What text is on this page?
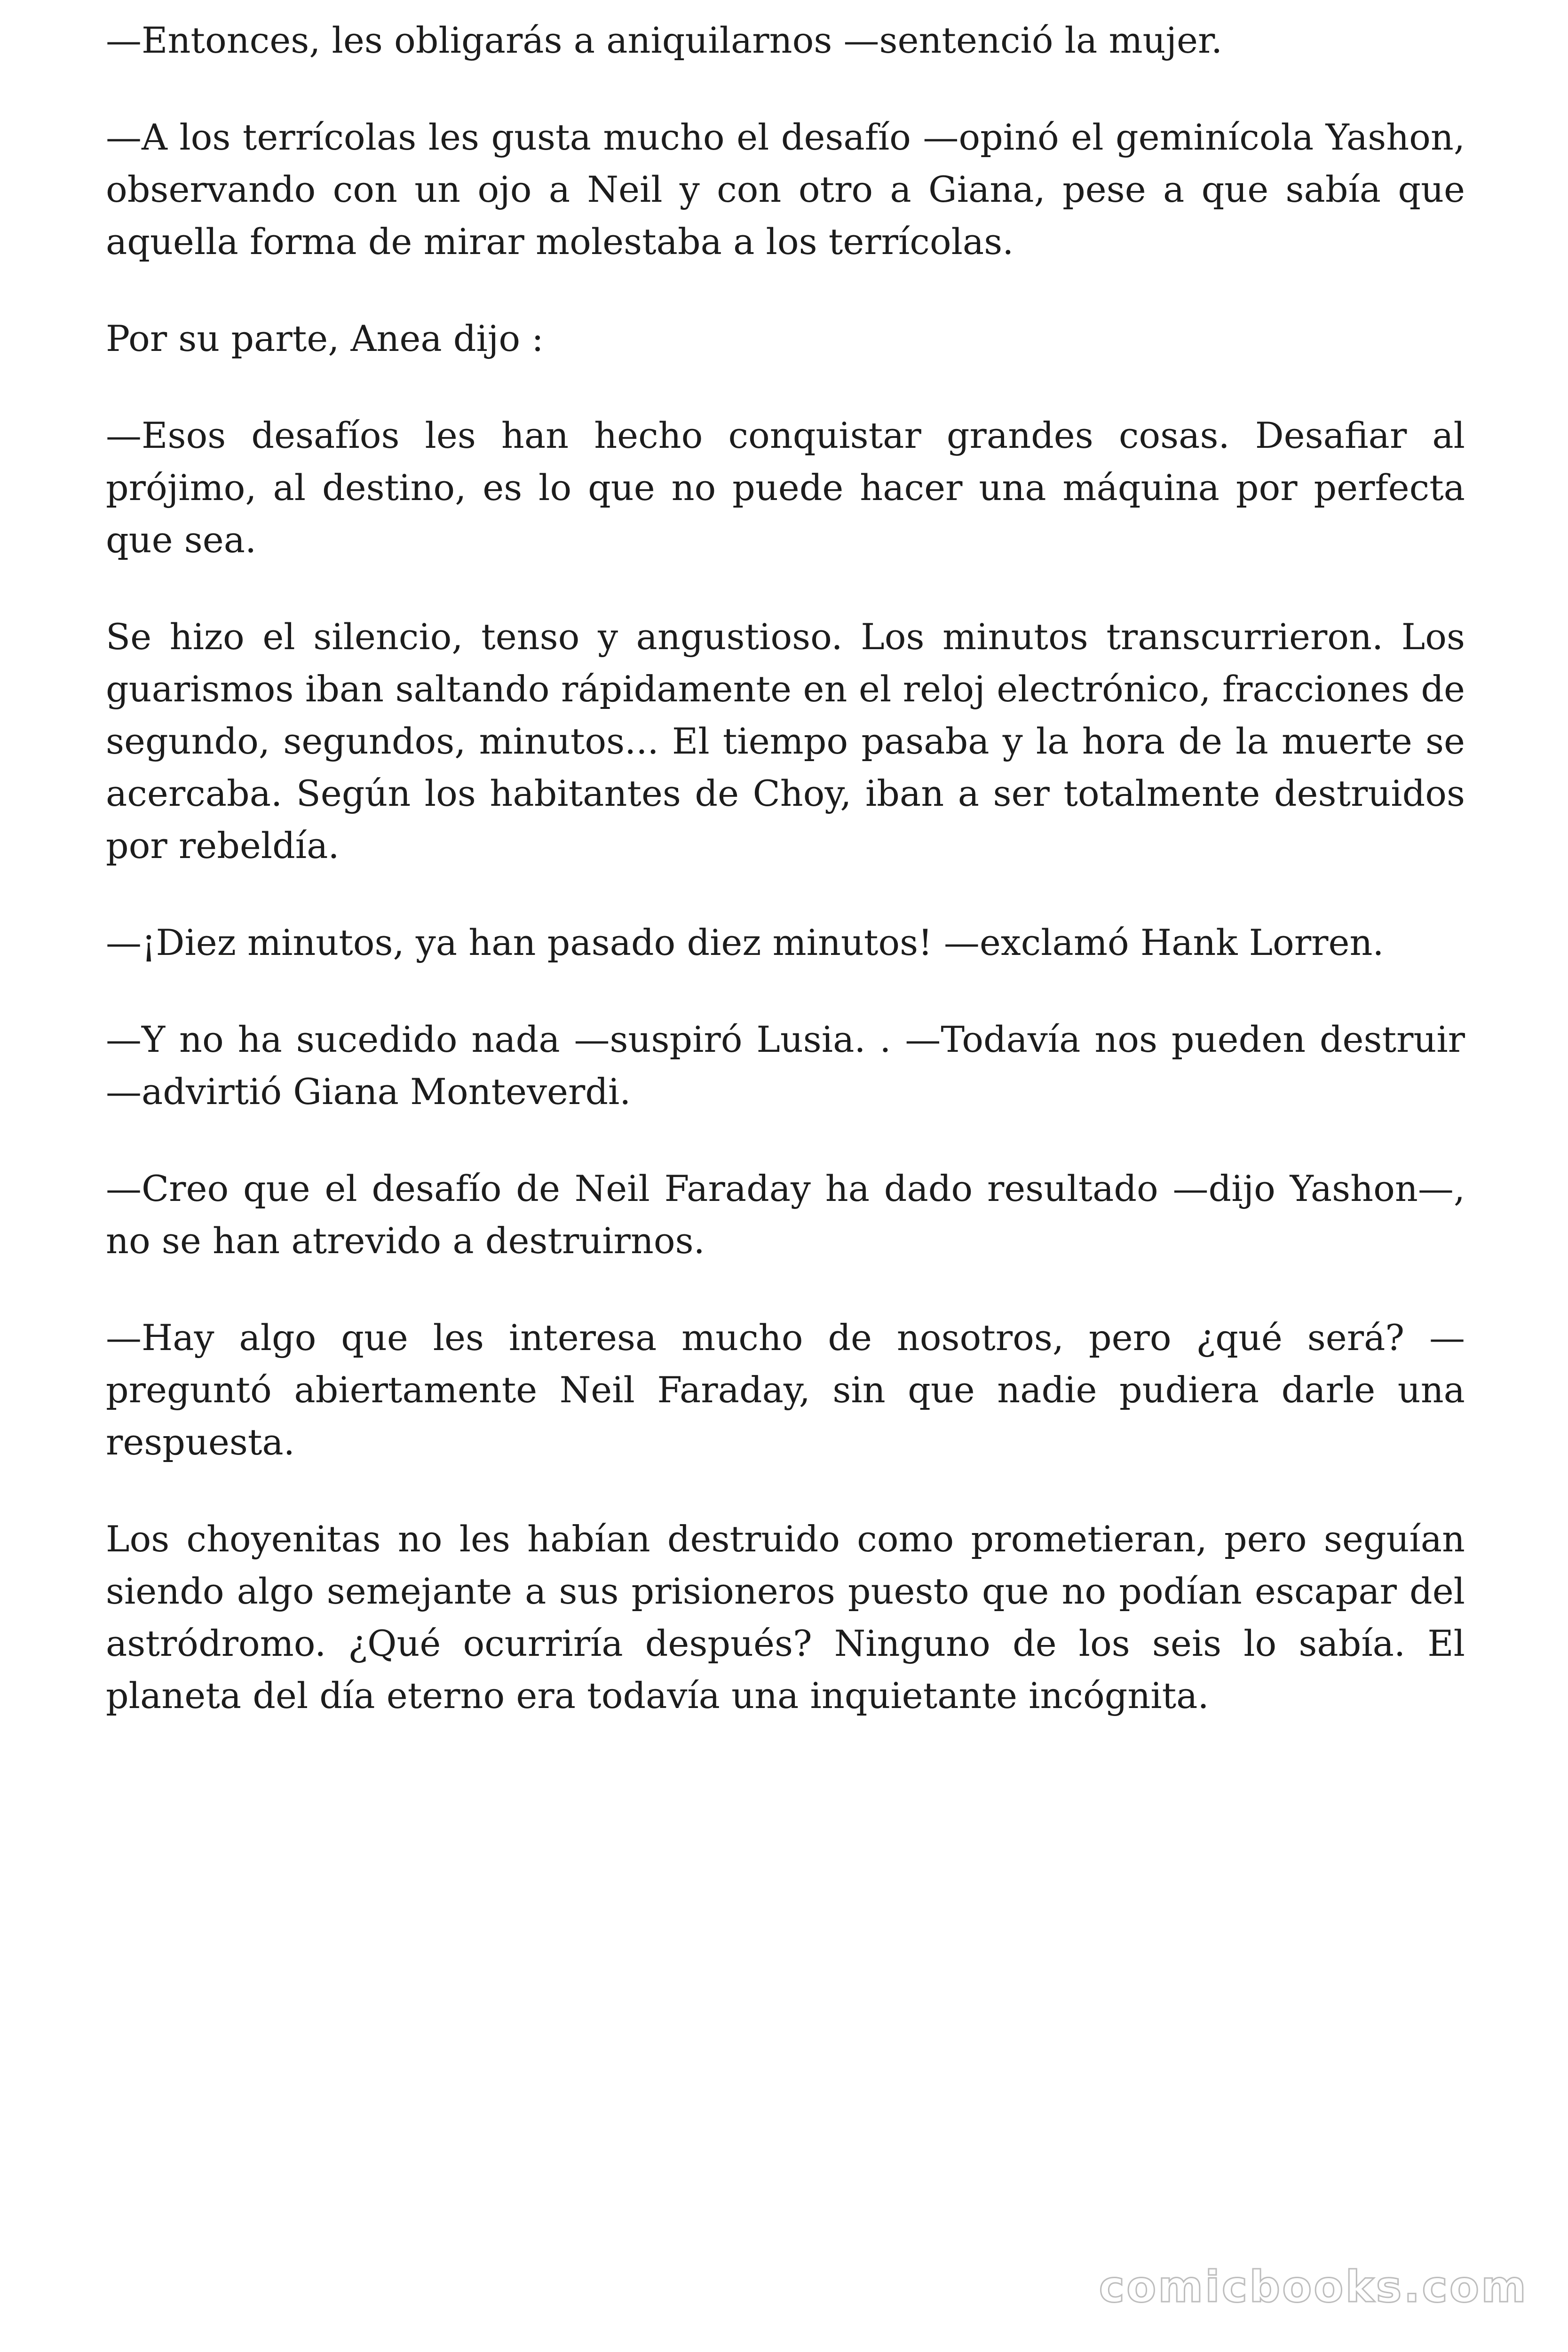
—Entonces, les obligarás a aniquilarnos —sentenció la mujer.

—A los terrícolas les gusta mucho el desafío —opinó el geminícola Yashon, observando con un ojo a Neil y con otro a Giana, pese a que sabía que aquella forma de mirar molestaba a los terrícolas.

Por su parte, Anea dijo :

—Esos desafíos les han hecho conquistar grandes cosas. Desafiar al prójimo, al destino, es lo que no puede hacer una máquina por perfecta que sea.

Se hizo el silencio, tenso y angustioso. Los minutos transcurrieron. Los guarismos iban saltando rápidamente en el reloj electrónico, fracciones de segundo, segundos, minutos... El tiempo pasaba y la hora de la muerte se acercaba. Según los habitantes de Choy, iban a ser totalmente destruidos por rebeldía.

—¡Diez minutos, ya han pasado diez minutos! —exclamó Hank Lorren.

—Y no ha sucedido nada —suspiró Lusia. . —Todavía nos pueden destruir —advirtió Giana Monteverdi.

—Creo que el desafío de Neil Faraday ha dado resultado —dijo Yashon—, no se han atrevido a destruirnos.

—Hay algo que les interesa mucho de nosotros, pero ¿qué será? —preguntó abiertamente Neil Faraday, sin que nadie pudiera darle una respuesta.

Los choyenitas no les habían destruido como prometieran, pero seguían siendo algo semejante a sus prisioneros puesto que no podían escapar del astródromo. ¿Qué ocurriría después? Ninguno de los seis lo sabía. El planeta del día eterno era todavía una inquietante incógnita.

comicbooks.com
